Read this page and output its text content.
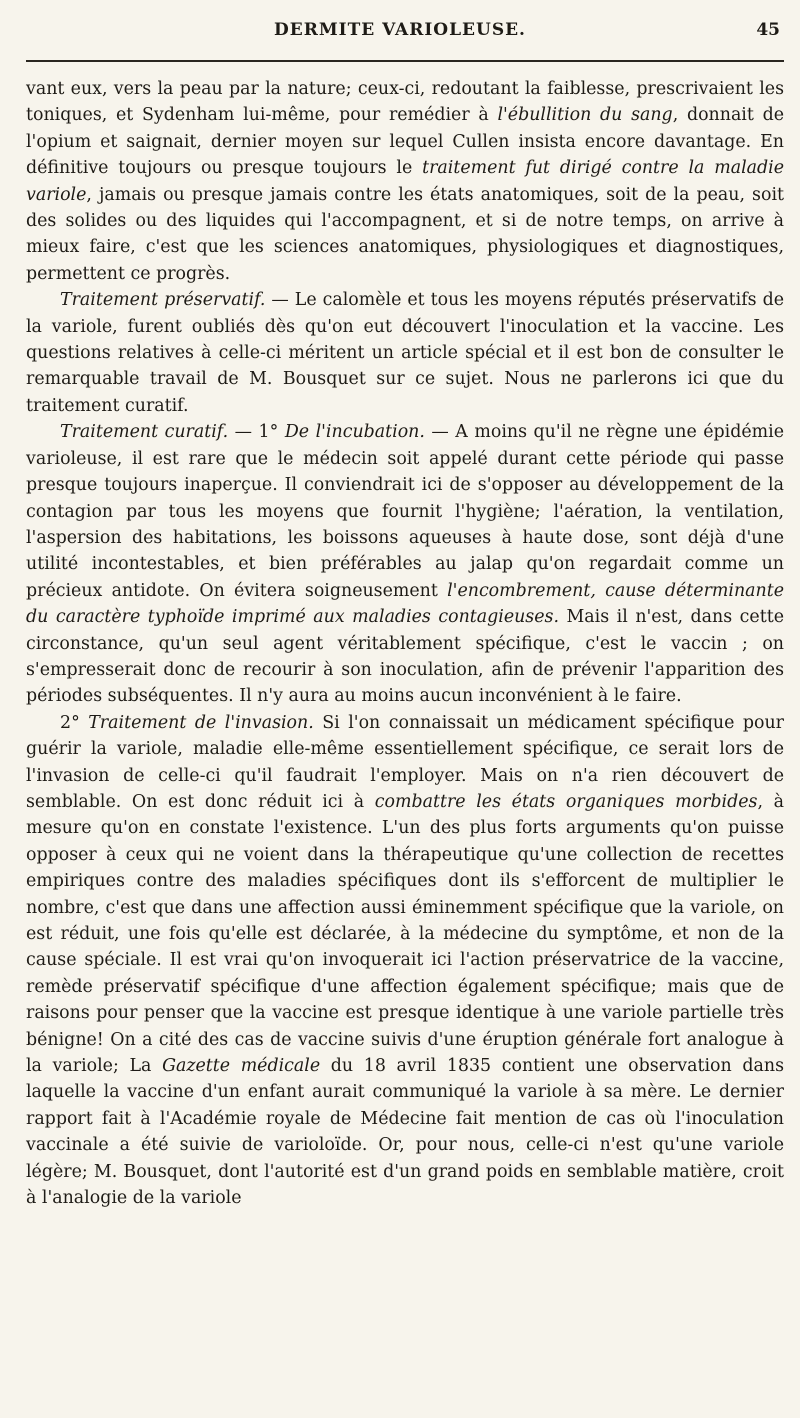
DERMITE VARIOLEUSE.	45

vant eux, vers la peau par la nature; ceux-ci, redoutant la faiblesse, prescrivaient les toniques, et Sydenham lui-même, pour remédier à l'ébullition du sang, donnait de l'opium et saignait, dernier moyen sur lequel Cullen insista encore davantage. En définitive toujours ou presque toujours le traitement fut dirigé contre la maladie variole, jamais ou presque jamais contre les états anatomiques, soit de la peau, soit des solides ou des liquides qui l'accompagnent, et si de notre temps, on arrive à mieux faire, c'est que les sciences anatomiques, physiologiques et diagnostiques, permettent ce progrès.

Traitement préservatif. — Le calomèle et tous les moyens réputés préservatifs de la variole, furent oubliés dès qu'on eut découvert l'inoculation et la vaccine. Les questions relatives à celle-ci méritent un article spécial et il est bon de consulter le remarquable travail de M. Bousquet sur ce sujet. Nous ne parlerons ici que du traitement curatif.

Traitement curatif. — 1° De l'incubation. — A moins qu'il ne règne une épidémie varioleuse, il est rare que le médecin soit appelé durant cette période qui passe presque toujours inaperçue. Il conviendrait ici de s'opposer au développement de la contagion par tous les moyens que fournit l'hygiène; l'aération, la ventilation, l'aspersion des habitations, les boissons aqueuses à haute dose, sont déjà d'une utilité incontestables, et bien préférables au jalap qu'on regardait comme un précieux antidote. On évitera soigneusement l'encombrement, cause déterminante du caractère typhoïde imprimé aux maladies contagieuses. Mais il n'est, dans cette circonstance, qu'un seul agent véritablement spécifique, c'est le vaccin ; on s'empresserait donc de recourir à son inoculation, afin de prévenir l'apparition des périodes subséquentes. Il n'y aura au moins aucun inconvénient à le faire.

2° Traitement de l'invasion. Si l'on connaissait un médicament spécifique pour guérir la variole, maladie elle-même essentiellement spécifique, ce serait lors de l'invasion de celle-ci qu'il faudrait l'employer. Mais on n'a rien découvert de semblable. On est donc réduit ici à combattre les états organiques morbides, à mesure qu'on en constate l'existence. L'un des plus forts arguments qu'on puisse opposer à ceux qui ne voient dans la thérapeutique qu'une collection de recettes empiriques contre des maladies spécifiques dont ils s'efforcent de multiplier le nombre, c'est que dans une affection aussi éminemment spécifique que la variole, on est réduit, une fois qu'elle est déclarée, à la médecine du symptôme, et non de la cause spéciale. Il est vrai qu'on invoquerait ici l'action préservatrice de la vaccine, remède préservatif spécifique d'une affection également spécifique; mais que de raisons pour penser que la vaccine est presque identique à une variole partielle très bénigne! On a cité des cas de vaccine suivis d'une éruption générale fort analogue à la variole; La Gazette médicale du 18 avril 1835 contient une observation dans laquelle la vaccine d'un enfant aurait communiqué la variole à sa mère. Le dernier rapport fait à l'Académie royale de Médecine fait mention de cas où l'inoculation vaccinale a été suivie de varioloïde. Or, pour nous, celle-ci n'est qu'une variole légère; M. Bousquet, dont l'autorité est d'un grand poids en semblable matière, croit à l'analogie de la variole
